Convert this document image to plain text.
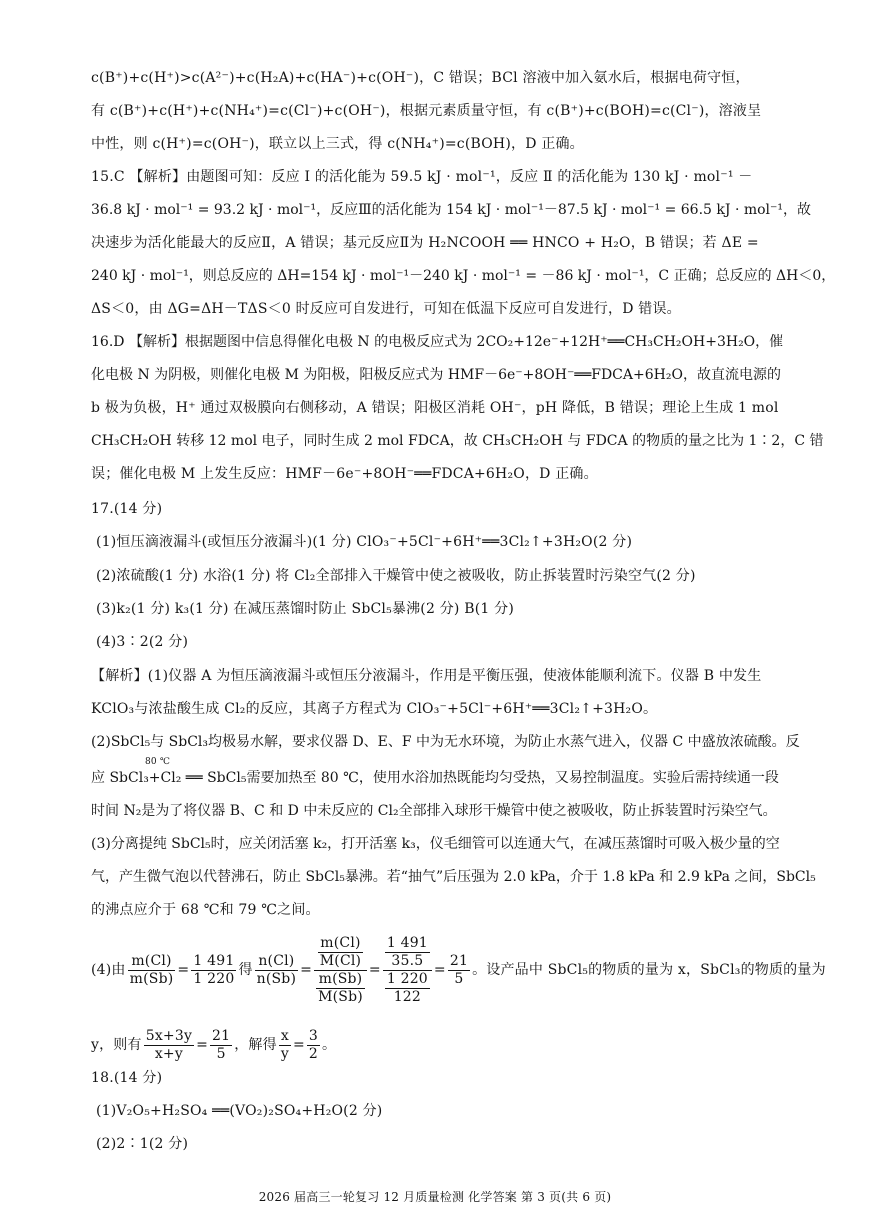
c(B⁺)+c(H⁺)>c(A²⁻)+c(H₂A)+c(HA⁻)+c(OH⁻)，C 错误；BCl 溶液中加入氨水后，根据电荷守恒，
有 c(B⁺)+c(H⁺)+c(NH₄⁺)=c(Cl⁻)+c(OH⁻)，根据元素质量守恒，有 c(B⁺)+c(BOH)=c(Cl⁻)，溶液呈
中性，则 c(H⁺)=c(OH⁻)，联立以上三式，得 c(NH₄⁺)=c(BOH)，D 正确。
15.C 【解析】由题图可知：反应 Ⅰ 的活化能为 59.5 kJ · mol⁻¹，反应 Ⅱ 的活化能为 130 kJ · mol⁻¹ －
36.8 kJ · mol⁻¹ = 93.2 kJ · mol⁻¹，反应Ⅲ的活化能为 154 kJ · mol⁻¹－87.5 kJ · mol⁻¹ = 66.5 kJ · mol⁻¹，故
决速步为活化能最大的反应Ⅱ，A 错误；基元反应Ⅱ为 H₂NCOOH ══ HNCO + H₂O，B 错误；若 ΔE =
240 kJ · mol⁻¹，则总反应的 ΔH=154 kJ · mol⁻¹－240 kJ · mol⁻¹ = －86 kJ · mol⁻¹，C 正确；总反应的 ΔH＜0，
ΔS＜0，由 ΔG=ΔH－TΔS＜0 时反应可自发进行，可知在低温下反应可自发进行，D 错误。
16.D 【解析】根据题图中信息得催化电极 N 的电极反应式为 2CO₂+12e⁻+12H⁺══CH₃CH₂OH+3H₂O，催
化电极 N 为阴极，则催化电极 M 为阳极，阳极反应式为 HMF－6e⁻+8OH⁻══FDCA+6H₂O，故直流电源的
b 极为负极，H⁺ 通过双极膜向右侧移动，A 错误；阳极区消耗 OH⁻，pH 降低，B 错误；理论上生成 1 mol
CH₃CH₂OH 转移 12 mol 电子，同时生成 2 mol FDCA，故 CH₃CH₂OH 与 FDCA 的物质的量之比为 1∶2，C 错
误；催化电极 M 上发生反应：HMF－6e⁻+8OH⁻══FDCA+6H₂O，D 正确。
17.(14 分)
(1)恒压滴液漏斗(或恒压分液漏斗)(1 分) ClO₃⁻+5Cl⁻+6H⁺══3Cl₂↑+3H₂O(2 分)
(2)浓硫酸(1 分) 水浴(1 分) 将 Cl₂全部排入干燥管中使之被吸收，防止拆装置时污染空气(2 分)
(3)k₂(1 分) k₃(1 分) 在减压蒸馏时防止 SbCl₅暴沸(2 分) B(1 分)
(4)3∶2(2 分)
【解析】(1)仪器 A 为恒压滴液漏斗或恒压分液漏斗，作用是平衡压强，使液体能顺利流下。仪器 B 中发生
KClO₃与浓盐酸生成 Cl₂的反应，其离子方程式为 ClO₃⁻+5Cl⁻+6H⁺══3Cl₂↑+3H₂O。
(2)SbCl₅与 SbCl₃均极易水解，要求仪器 D、E、F 中为无水环境，为防止水蒸气进入，仪器 C 中盛放浓硫酸。反
80 ℃
应 SbCl₃+Cl₂ ══ SbCl₅需要加热至 80 ℃，使用水浴加热既能均匀受热，又易控制温度。实验后需持续通一段
时间 N₂是为了将仪器 B、C 和 D 中未反应的 Cl₂全部排入球形干燥管中使之被吸收，防止拆装置时污染空气。
(3)分离提纯 SbCl₅时，应关闭活塞 k₂，打开活塞 k₃，仪毛细管可以连通大气，在减压蒸馏时可吸入极少量的空
气，产生微气泡以代替沸石，防止 SbCl₅暴沸。若“抽气”后压强为 2.0 kPa，介于 1.8 kPa 和 2.9 kPa 之间，SbCl₅
的沸点应介于 68 ℃和 79 ℃之间。
(4)由 $\frac{m(Cl)}{m(Sb)} = \frac{1 491}{1 220}$ 得 $\frac{n(Cl)}{n(Sb)} = \frac{\frac{m(Cl)}{M(Cl)}}{\frac{m(Sb)}{M(Sb)}} = \frac{\frac{1 491}{35.5}}{\frac{1 220}{122}} = \frac{21}{5}$ 。设产品中 SbCl₅的物质的量为 x，SbCl₃的物质的量为
y，则有 $\frac{5x+3y}{x+y} = \frac{21}{5}$ ，解得 $\frac{x}{y} = \frac{3}{2}$ 。
18.(14 分)
(1)V₂O₅+H₂SO₄ ══(VO₂)₂SO₄+H₂O(2 分)
(2)2∶1(2 分)
2026 届高三一轮复习 12 月质量检测 化学答案 第 3 页(共 6 页)
